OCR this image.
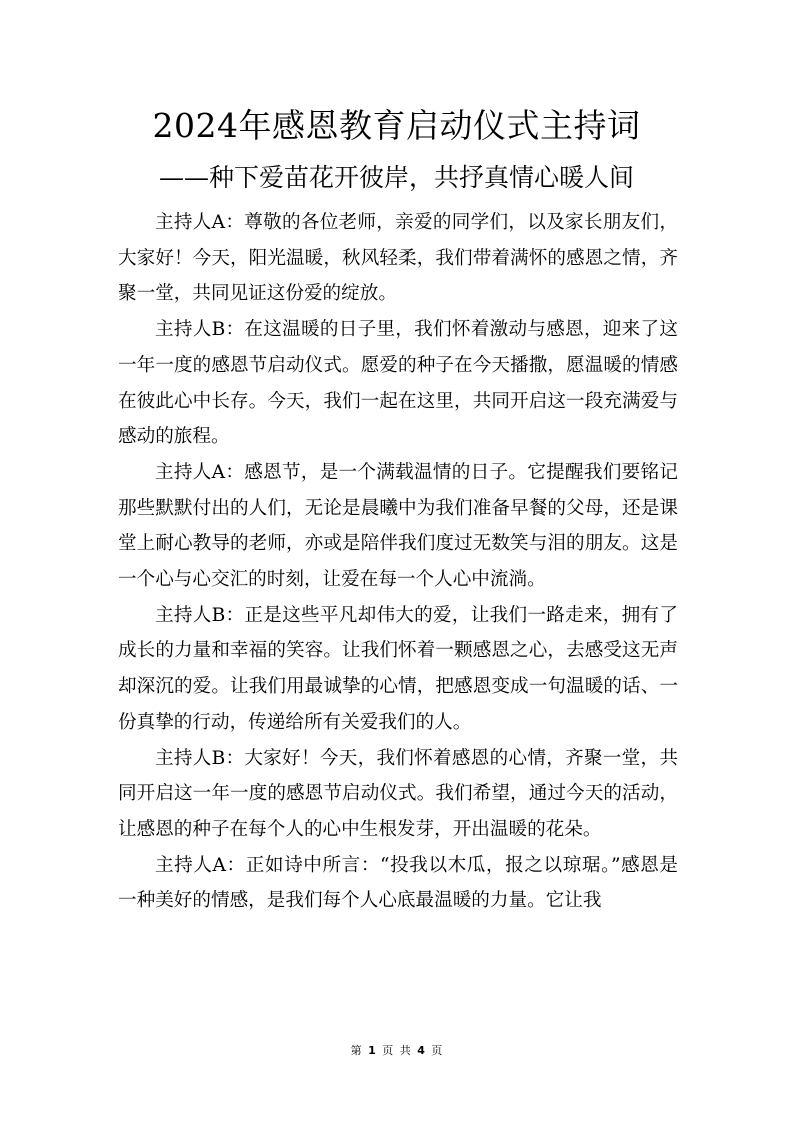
2024年感恩教育启动仪式主持词
——种下爱苗花开彼岸，共抒真情心暖人间

主持人A：尊敬的各位老师，亲爱的同学们，以及家长朋友们，大家好！今天，阳光温暖，秋风轻柔，我们带着满怀的感恩之情，齐聚一堂，共同见证这份爱的绽放。

主持人B：在这温暖的日子里，我们怀着激动与感恩，迎来了这一年一度的感恩节启动仪式。愿爱的种子在今天播撒，愿温暖的情感在彼此心中长存。今天，我们一起在这里，共同开启这一段充满爱与感动的旅程。

主持人A：感恩节，是一个满载温情的日子。它提醒我们要铭记那些默默付出的人们，无论是晨曦中为我们准备早餐的父母，还是课堂上耐心教导的老师，亦或是陪伴我们度过无数笑与泪的朋友。这是一个心与心交汇的时刻，让爱在每一个人心中流淌。

主持人B：正是这些平凡却伟大的爱，让我们一路走来，拥有了成长的力量和幸福的笑容。让我们怀着一颗感恩之心，去感受这无声却深沉的爱。让我们用最诚挚的心情，把感恩变成一句温暖的话、一份真挚的行动，传递给所有关爱我们的人。

主持人B：大家好！今天，我们怀着感恩的心情，齐聚一堂，共同开启这一年一度的感恩节启动仪式。我们希望，通过今天的活动，让感恩的种子在每个人的心中生根发芽，开出温暖的花朵。

主持人A：正如诗中所言：“投我以木瓜，报之以琼琚。”感恩是一种美好的情感，是我们每个人心底最温暖的力量。它让我

第 1 页 共 4 页
